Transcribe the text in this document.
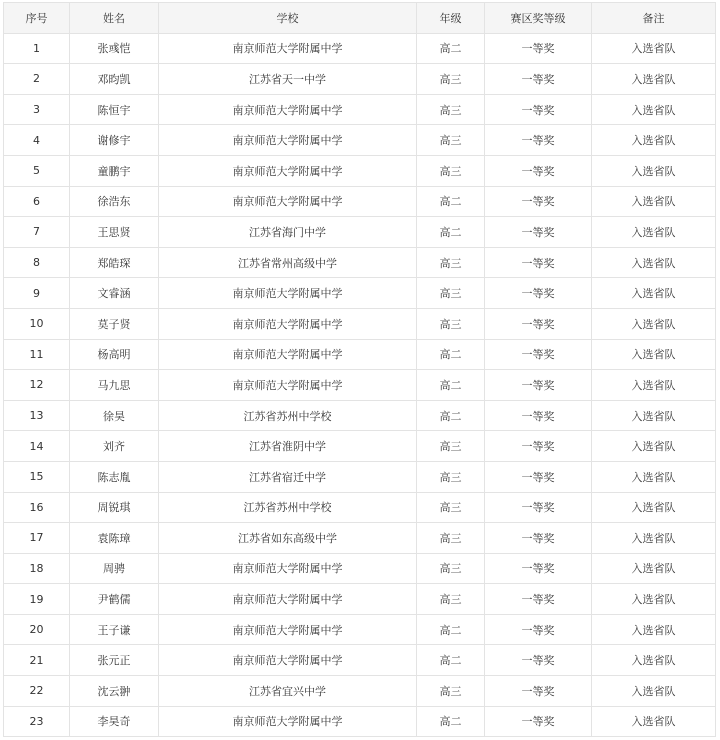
序号	姓名	学校	年级	赛区奖等级	备注
1	张彧恺	南京师范大学附属中学	高二	一等奖	入选省队
2	邓昀凯	江苏省天一中学	高三	一等奖	入选省队
3	陈恒宇	南京师范大学附属中学	高三	一等奖	入选省队
4	谢修宇	南京师范大学附属中学	高三	一等奖	入选省队
5	童鹏宇	南京师范大学附属中学	高三	一等奖	入选省队
6	徐浩东	南京师范大学附属中学	高二	一等奖	入选省队
7	王思贤	江苏省海门中学	高二	一等奖	入选省队
8	郑皓琛	江苏省常州高级中学	高三	一等奖	入选省队
9	文睿涵	南京师范大学附属中学	高三	一等奖	入选省队
10	莫子贤	南京师范大学附属中学	高三	一等奖	入选省队
11	杨高明	南京师范大学附属中学	高二	一等奖	入选省队
12	马九思	南京师范大学附属中学	高二	一等奖	入选省队
13	徐昊	江苏省苏州中学校	高二	一等奖	入选省队
14	刘齐	江苏省淮阴中学	高三	一等奖	入选省队
15	陈志胤	江苏省宿迁中学	高三	一等奖	入选省队
16	周锐琪	江苏省苏州中学校	高三	一等奖	入选省队
17	袁陈璋	江苏省如东高级中学	高三	一等奖	入选省队
18	周骋	南京师范大学附属中学	高三	一等奖	入选省队
19	尹鹤儒	南京师范大学附属中学	高三	一等奖	入选省队
20	王子谦	南京师范大学附属中学	高二	一等奖	入选省队
21	张元正	南京师范大学附属中学	高二	一等奖	入选省队
22	沈云翀	江苏省宜兴中学	高三	一等奖	入选省队
23	李昊奇	南京师范大学附属中学	高二	一等奖	入选省队
